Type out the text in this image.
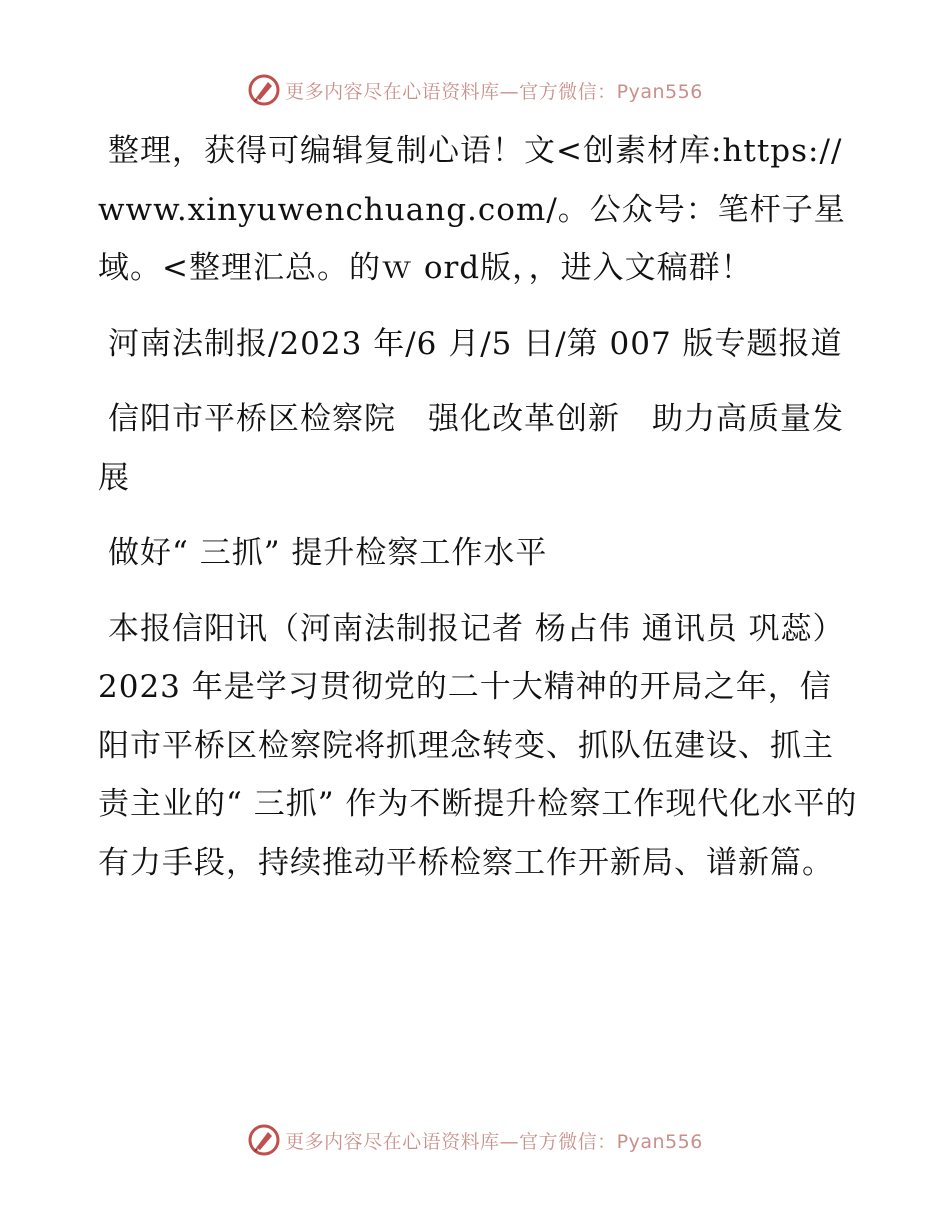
更多内容尽在心语资料库—官方微信：Pyan556

整理，获得可编辑复制心语！文<创素材库:https://www.xinyuwenchuang.com/。公众号：笔杆子星域。<整理汇总。的ｗ ord版，，进入文稿群！

河南法制报/2023 年/6 月/5 日/第 007 版专题报道

信阳市平桥区检察院　强化改革创新　助力高质量发展

做好“ 三抓” 提升检察工作水平

本报信阳讯（河南法制报记者 杨占伟 通讯员 巩蕊）2023 年是学习贯彻党的二十大精神的开局之年，信阳市平桥区检察院将抓理念转变、抓队伍建设、抓主责主业的“ 三抓” 作为不断提升检察工作现代化水平的有力手段，持续推动平桥检察工作开新局、谱新篇。

更多内容尽在心语资料库—官方微信：Pyan556
